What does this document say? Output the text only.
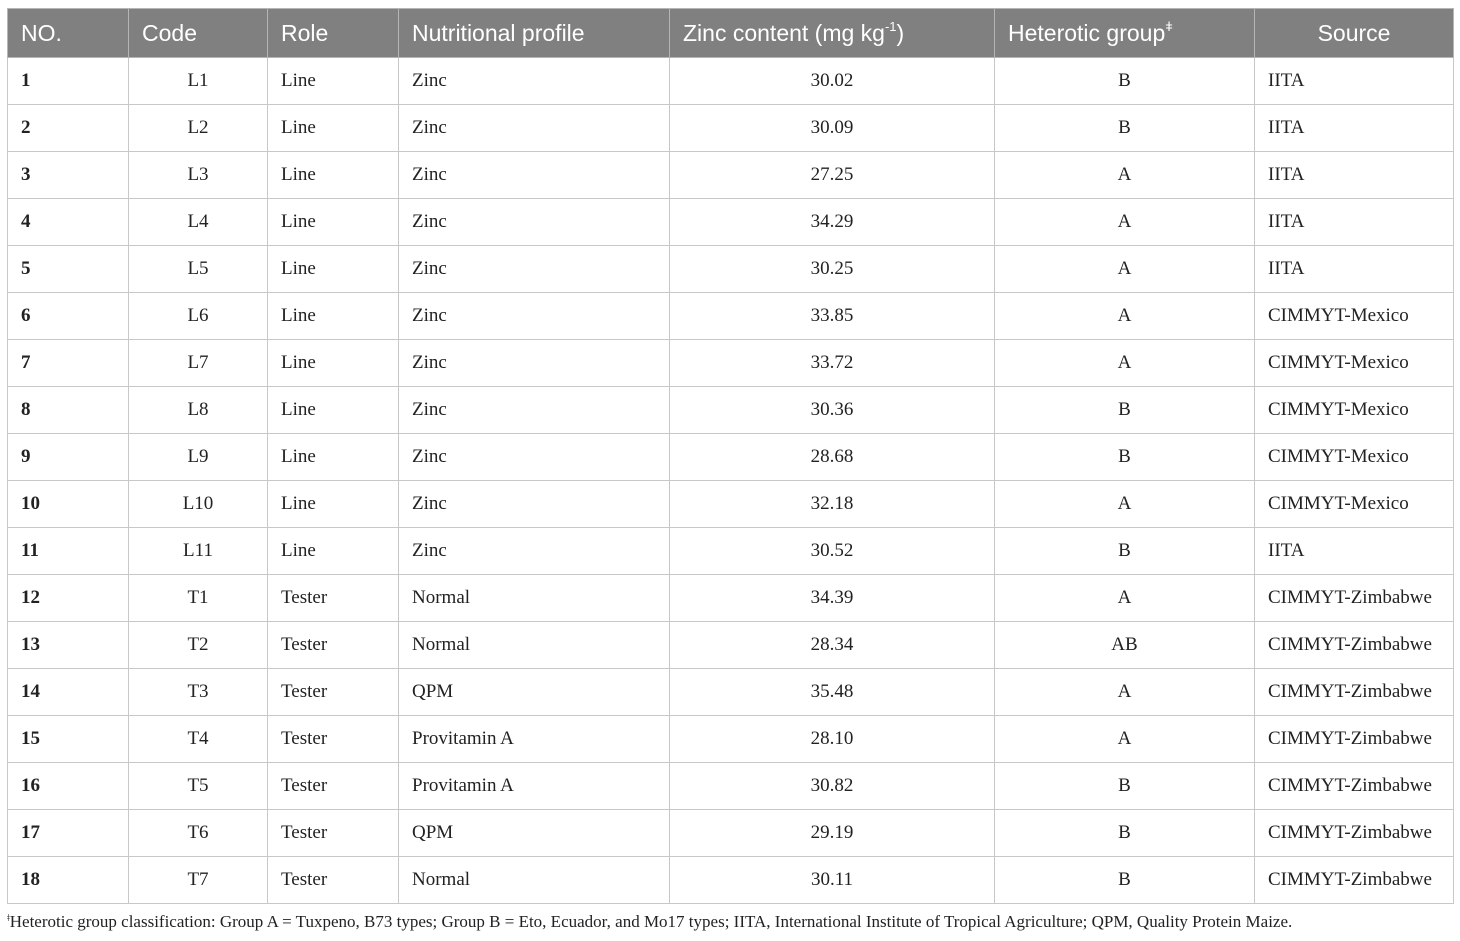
NO.	Code	Role	Nutritional profile	Zinc content (mg $kg^{-1}$)	Heterotic group$^ǂ$	Source
1	L1	Line	Zinc	30.02	B	IITA
2	L2	Line	Zinc	30.09	B	IITA
3	L3	Line	Zinc	27.25	A	IITA
4	L4	Line	Zinc	34.29	A	IITA
5	L5	Line	Zinc	30.25	A	IITA
6	L6	Line	Zinc	33.85	A	CIMMYT-Mexico
7	L7	Line	Zinc	33.72	A	CIMMYT-Mexico
8	L8	Line	Zinc	30.36	B	CIMMYT-Mexico
9	L9	Line	Zinc	28.68	B	CIMMYT-Mexico
10	L10	Line	Zinc	32.18	A	CIMMYT-Mexico
11	L11	Line	Zinc	30.52	B	IITA
12	T1	Tester	Normal	34.39	A	CIMMYT-Zimbabwe
13	T2	Tester	Normal	28.34	AB	CIMMYT-Zimbabwe
14	T3	Tester	QPM	35.48	A	CIMMYT-Zimbabwe
15	T4	Tester	Provitamin A	28.10	A	CIMMYT-Zimbabwe
16	T5	Tester	Provitamin A	30.82	B	CIMMYT-Zimbabwe
17	T6	Tester	QPM	29.19	B	CIMMYT-Zimbabwe
18	T7	Tester	Normal	30.11	B	CIMMYT-Zimbabwe
$^ǂ$Heterotic group classification: Group A = Tuxpeno, B73 types; Group B = Eto, Ecuador, and Mo17 types; IITA, International Institute of Tropical Agriculture; QPM, Quality Protein Maize.
